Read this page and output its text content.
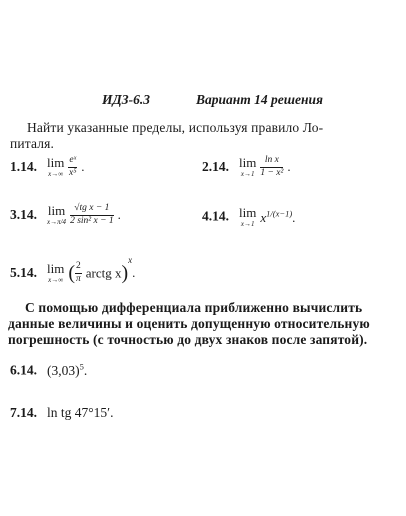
ИДЗ-6.3	Вариант 14 решения
Найти указанные пределы, используя правило Ло-
питаля.
1.14. lim
x→∞
$\frac{\text{eˣ}}{\text{x⁵}}$ .	2.14. lim
x→1
$\frac{\text{ln x}}{\text{1 − x²}}$ .
3.14. lim
x→π/4
$\frac{\text{√tg x − 1}}{\text{2 sin² x − 1}}$ .	4.14. lim
x→1 $x^{1/(x-1)}$.
5.14. lim
x→∞ ( $\frac{2}{\pi}$ arctg x)$^x$.
С помощью дифференциала приближенно вычислить
данные величины и оценить допущенную относительную
погрешность (с точностью до двух знаков после запятой).
6.14. $(3,03)^5$.
7.14. ln tg 47°15′.
